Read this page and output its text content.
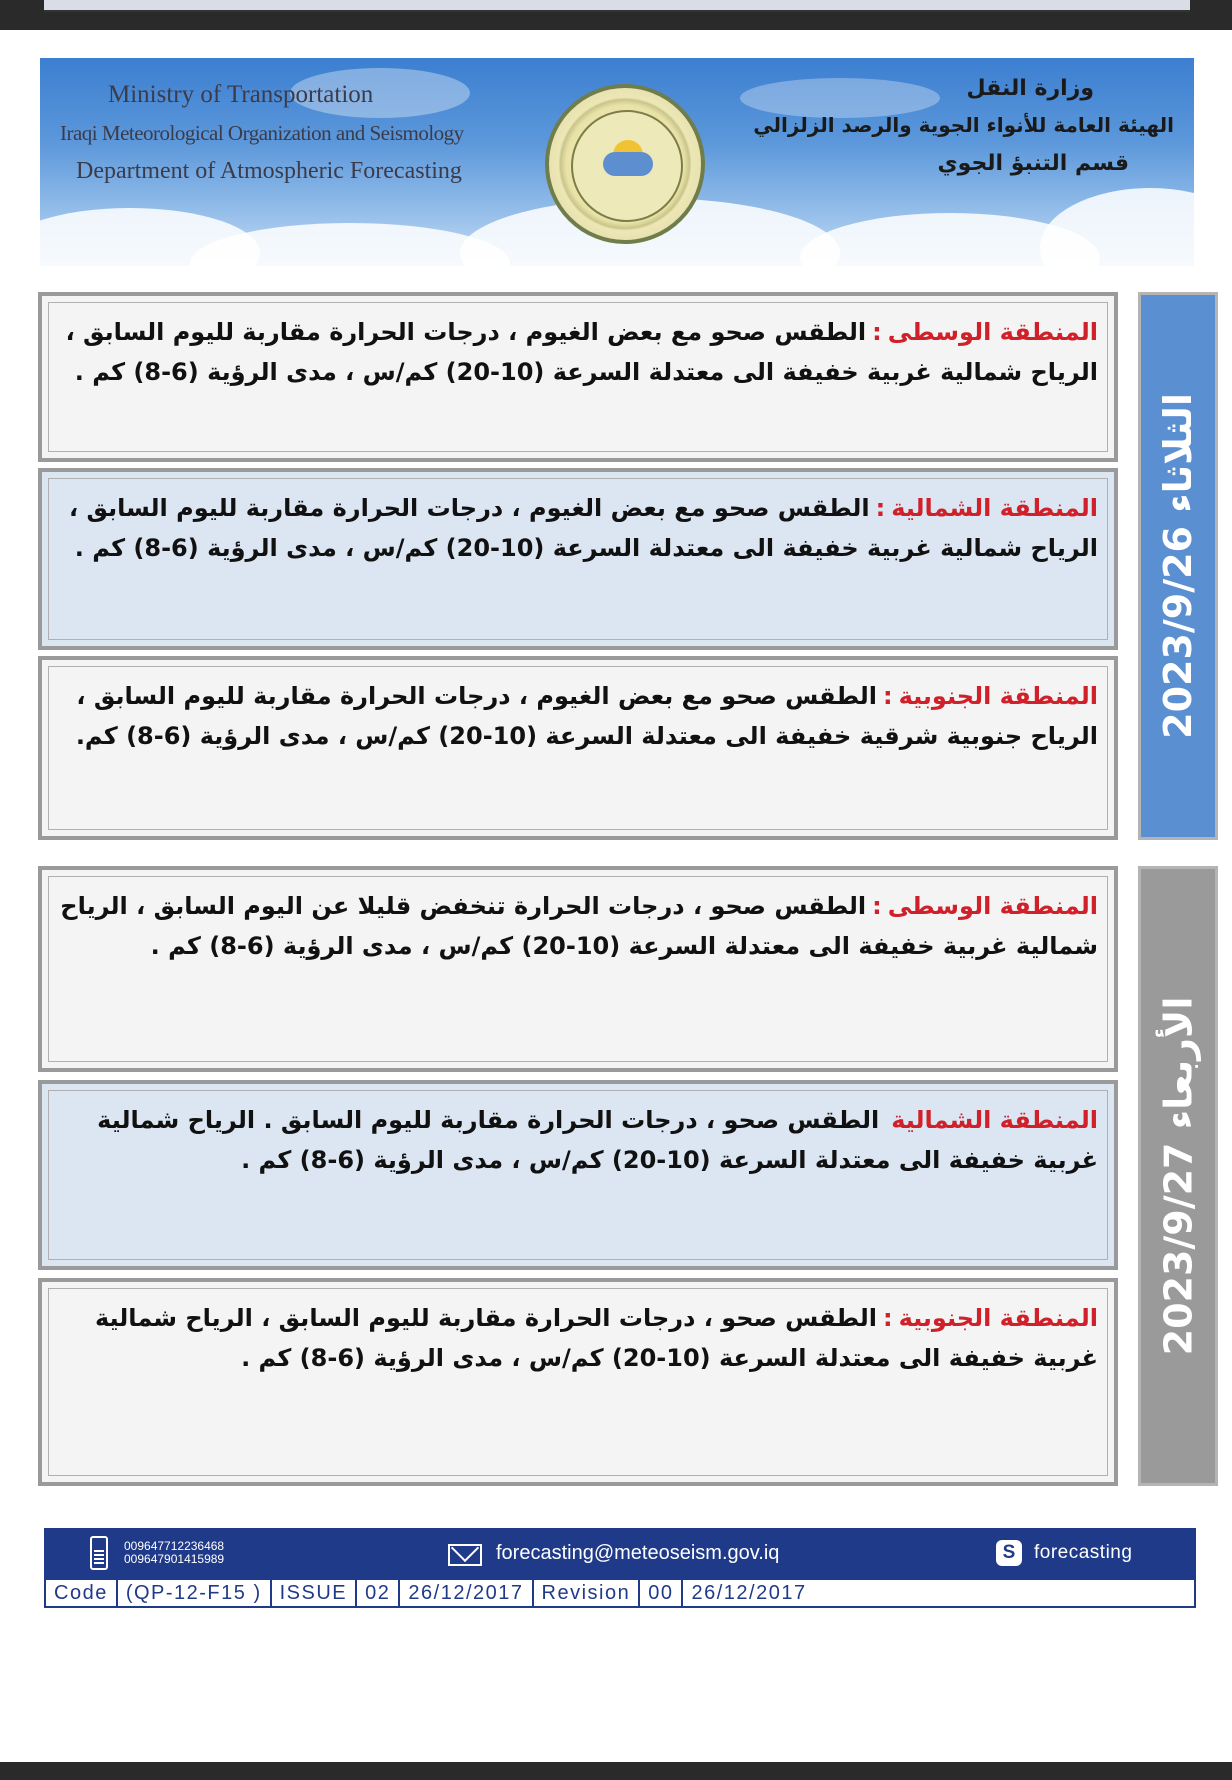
Ministry of Transportation
Iraqi Meteorological Organization and Seismology
Department of Atmospheric Forecasting
وزارة النقل
الهيئة العامة للأنواء الجوية والرصد الزلزالي
قسم التنبؤ الجوي

المنطقة الوسطى:الطقس صحو مع بعض الغيوم ، درجات الحرارة مقاربة لليوم السابق ، الرياح شمالية غربية خفيفة الى معتدلة السرعة (10-20) كم/س ، مدى الرؤية (6-8) كم .

المنطقة الشمالية:الطقس صحو مع بعض الغيوم ، درجات الحرارة مقاربة لليوم السابق ، الرياح شمالية غربية خفيفة الى معتدلة السرعة (10-20) كم/س ، مدى الرؤية (6-8) كم .

المنطقة الجنوبية:الطقس صحو مع بعض الغيوم ، درجات الحرارة مقاربة لليوم السابق ، الرياح جنوبية شرقية خفيفة الى معتدلة السرعة (10-20) كم/س ، مدى الرؤية (6-8) كم. الثلاثاء 2023/9/26

المنطقة الوسطى:الطقس صحو ، درجات الحرارة تنخفض قليلا عن اليوم السابق ، الرياح شمالية غربية خفيفة الى معتدلة السرعة (10-20) كم/س ، مدى الرؤية (6-8) كم .

المنطقة الشماليةالطقس صحو ، درجات الحرارة مقاربة لليوم السابق . الرياح شمالية غربية خفيفة الى معتدلة السرعة (10-20) كم/س ، مدى الرؤية (6-8) كم .

المنطقة الجنوبية:الطقس صحو ، درجات الحرارة مقاربة لليوم السابق ، الرياح شمالية غربية خفيفة الى معتدلة السرعة (10-20) كم/س ، مدى الرؤية (6-8) كم .

الأربعاء 2023/9/27
009647712236468
009647901415989	forecasting@meteoseism.gov.iq	S forecasting
Code (QP-12-F15 ) ISSUE 02 26/12/2017 Revision 00 26/12/2017
